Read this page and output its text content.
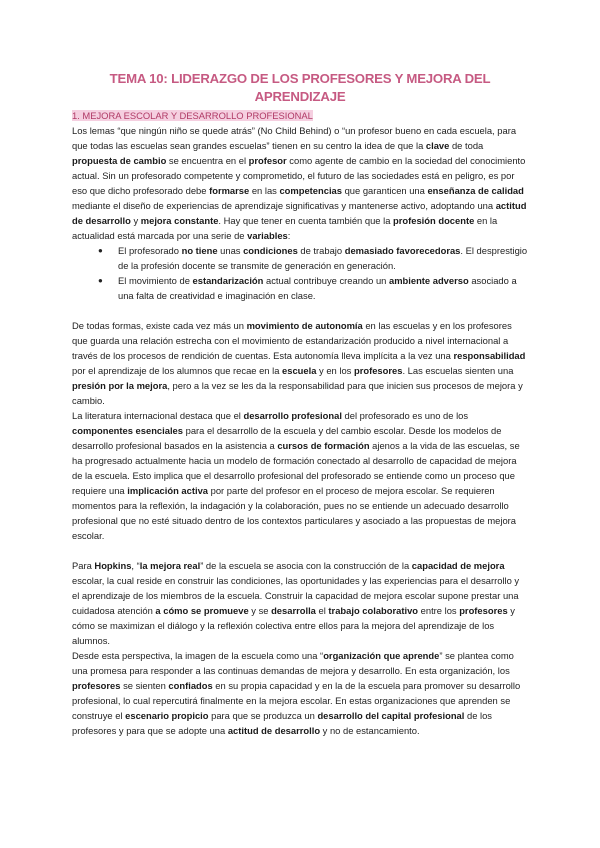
TEMA 10: LIDERAZGO DE LOS PROFESORES Y MEJORA DEL APRENDIZAJE

1. MEJORA ESCOLAR Y DESARROLLO PROFESIONAL

Los lemas “que ningún niño se quede atrás” (No Child Behind) o “un profesor bueno en cada escuela, para que todas las escuelas sean grandes escuelas” tienen en su centro la idea de que la clave de toda propuesta de cambio se encuentra en el profesor como agente de cambio en la sociedad del conocimiento actual. Sin un profesorado competente y comprometido, el futuro de las sociedades está en peligro, es por eso que dicho profesorado debe formarse en las competencias que garanticen una enseñanza de calidad mediante el diseño de experiencias de aprendizaje significativas y mantenerse activo, adoptando una actitud de desarrollo y mejora constante. Hay que tener en cuenta también que la profesión docente en la actualidad está marcada por una serie de variables:

● El profesorado no tiene unas condiciones de trabajo demasiado favorecedoras. El desprestigio de la profesión docente se transmite de generación en generación.
● El movimiento de estandarización actual contribuye creando un ambiente adverso asociado a una falta de creatividad e imaginación en clase.

De todas formas, existe cada vez más un movimiento de autonomía en las escuelas y en los profesores que guarda una relación estrecha con el movimiento de estandarización producido a nivel internacional a través de los procesos de rendición de cuentas. Esta autonomía lleva implícita a la vez una responsabilidad por el aprendizaje de los alumnos que recae en la escuela y en los profesores. Las escuelas sienten una presión por la mejora, pero a la vez se les da la responsabilidad para que inicien sus procesos de mejora y cambio.

La literatura internacional destaca que el desarrollo profesional del profesorado es uno de los componentes esenciales para el desarrollo de la escuela y del cambio escolar. Desde los modelos de desarrollo profesional basados en la asistencia a cursos de formación ajenos a la vida de las escuelas, se ha progresado actualmente hacia un modelo de formación conectado al desarrollo de capacidad de mejora de la escuela. Esto implica que el desarrollo profesional del profesorado se entiende como un proceso que requiere una implicación activa por parte del profesor en el proceso de mejora escolar. Se requieren momentos para la reflexión, la indagación y la colaboración, pues no se entiende un adecuado desarrollo profesional que no esté situado dentro de los contextos particulares y asociado a las propuestas de mejora escolar.

Para Hopkins, “la mejora real” de la escuela se asocia con la construcción de la capacidad de mejora escolar, la cual reside en construir las condiciones, las oportunidades y las experiencias para el desarrollo y el aprendizaje de los miembros de la escuela. Construir la capacidad de mejora escolar supone prestar una cuidadosa atención a cómo se promueve y se desarrolla el trabajo colaborativo entre los profesores y cómo se maximizan el diálogo y la reflexión colectiva entre ellos para la mejora del aprendizaje de los alumnos.

Desde esta perspectiva, la imagen de la escuela como una “organización que aprende” se plantea como una promesa para responder a las continuas demandas de mejora y desarrollo. En esta organización, los profesores se sienten confiados en su propia capacidad y en la de la escuela para promover su desarrollo profesional, lo cual repercutirá finalmente en la mejora escolar. En estas organizaciones que aprenden se construye el escenario propicio para que se produzca un desarrollo del capital profesional de los profesores y para que se adopte una actitud de desarrollo y no de estancamiento.
